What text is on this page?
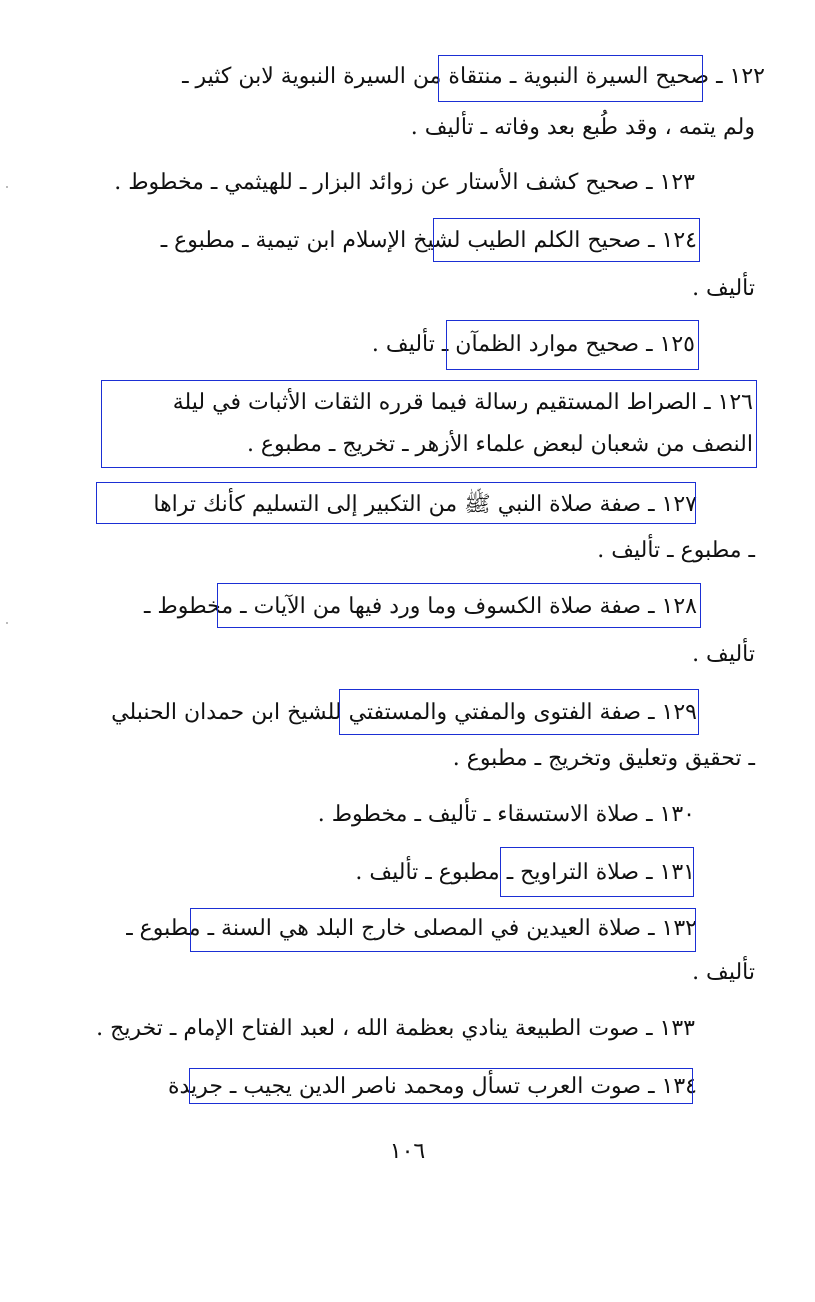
١٢٢ ـ صحيح السيرة النبوية ـ منتقاة من السيرة النبوية لابن كثير ـ
ولم يتمه ، وقد طُبع بعد وفاته ـ تأليف .
١٢٣ ـ صحيح كشف الأستار عن زوائد البزار ـ للهيثمي ـ مخطوط .
١٢٤ ـ صحيح الكلم الطيب لشيخ الإسلام ابن تيمية ـ مطبوع ـ
تأليف .
١٢٥ ـ صحيح موارد الظمآن ـ تأليف .
١٢٦ ـ الصراط المستقيم رسالة فيما قرره الثقات الأثبات في ليلة
النصف من شعبان لبعض علماء الأزهر ـ تخريج ـ مطبوع .
١٢٧ ـ صفة صلاة النبي ﷺ من التكبير إلى التسليم كأنك تراها
ـ مطبوع ـ تأليف .
١٢٨ ـ صفة صلاة الكسوف وما ورد فيها من الآيات ـ مخطوط ـ
تأليف .
١٢٩ ـ صفة الفتوى والمفتي والمستفتي للشيخ ابن حمدان الحنبلي
ـ تحقيق وتعليق وتخريج ـ مطبوع .
١٣٠ ـ صلاة الاستسقاء ـ تأليف ـ مخطوط .
١٣١ ـ صلاة التراويح ـ مطبوع ـ تأليف .
١٣٢ ـ صلاة العيدين في المصلى خارج البلد هي السنة ـ مطبوع ـ
تأليف .
١٣٣ ـ صوت الطبيعة ينادي بعظمة الله ، لعبد الفتاح الإمام ـ تخريج .
١٣٤ ـ صوت العرب تسأل ومحمد ناصر الدين يجيب ـ جريدة
١٠٦
